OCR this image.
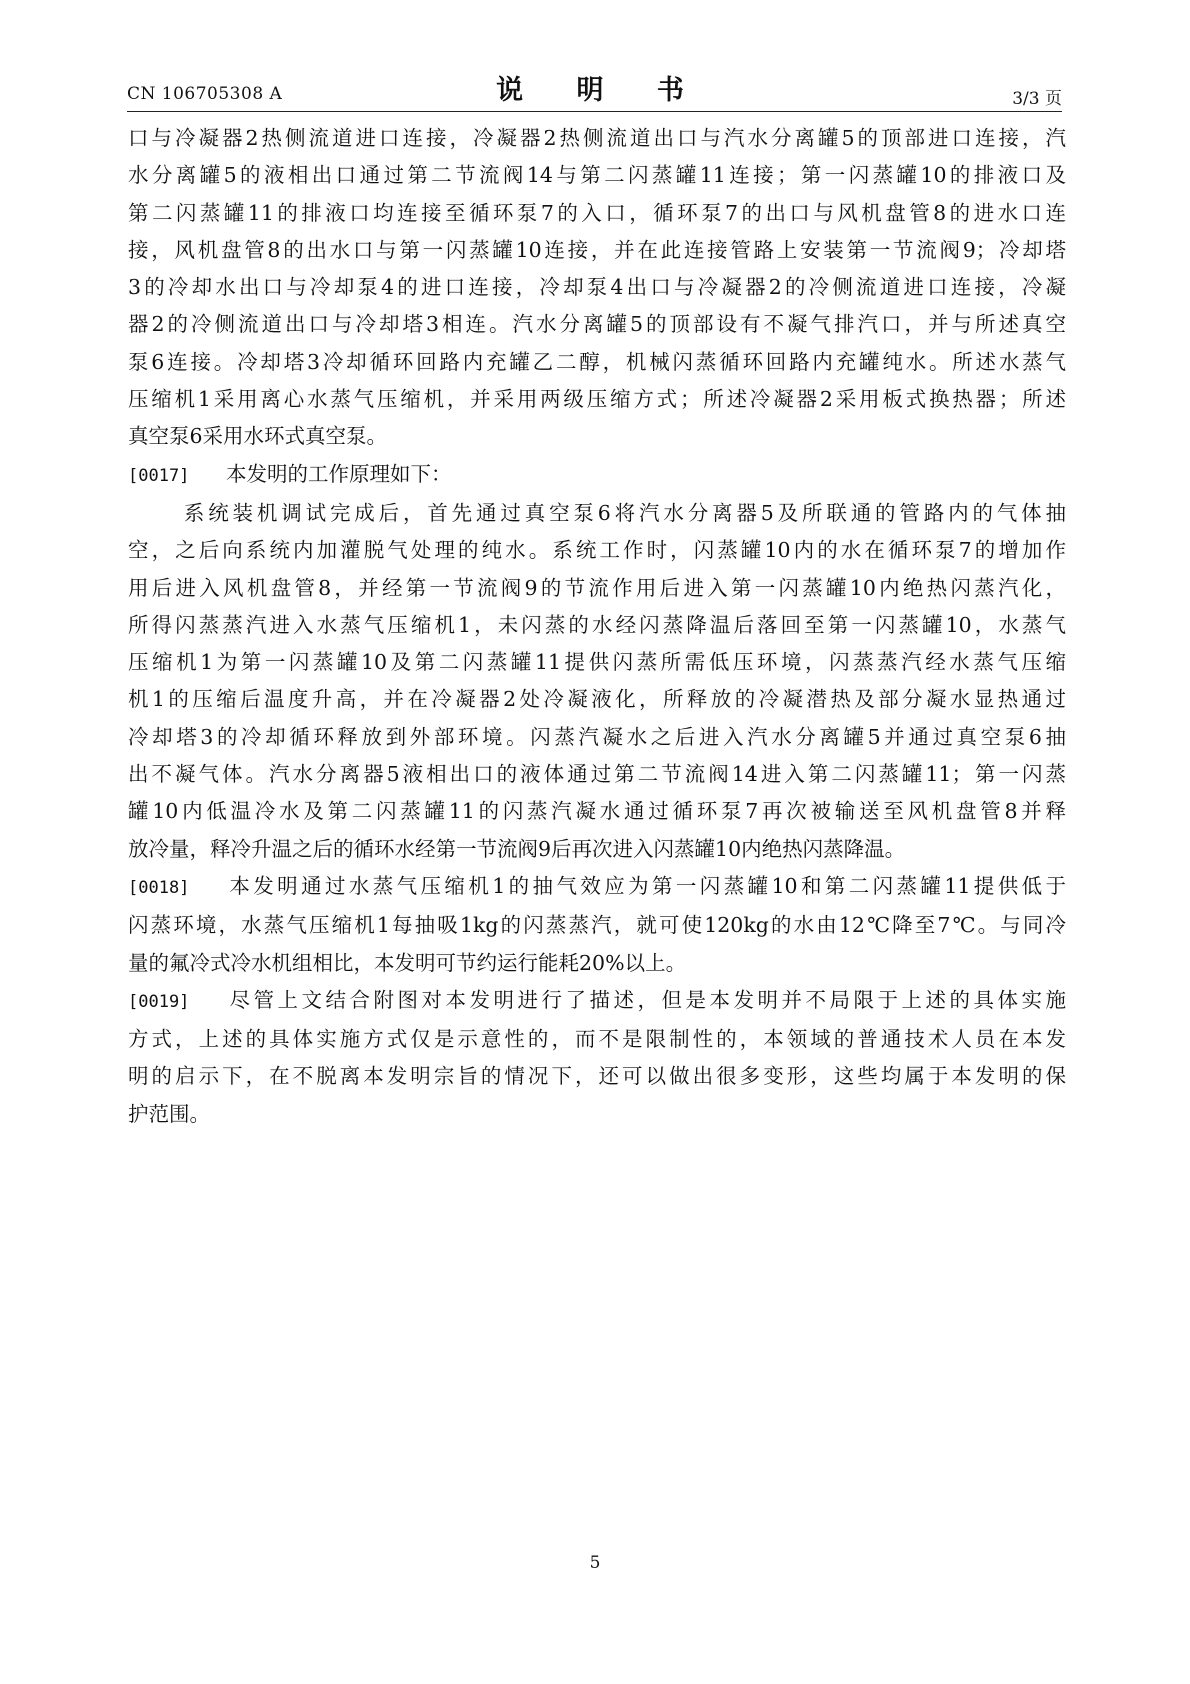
CN 106705308 A	说 明 书	3/3 页
口与冷凝器2热侧流道进口连接，冷凝器2热侧流道出口与汽水分离罐5的顶部进口连接，汽
水分离罐5的液相出口通过第二节流阀14与第二闪蒸罐11连接；第一闪蒸罐10的排液口及
第二闪蒸罐11的排液口均连接至循环泵7的入口，循环泵7的出口与风机盘管8的进水口连
接，风机盘管8的出水口与第一闪蒸罐10连接，并在此连接管路上安装第一节流阀9；冷却塔
3的冷却水出口与冷却泵4的进口连接，冷却泵4出口与冷凝器2的冷侧流道进口连接，冷凝
器2的冷侧流道出口与冷却塔3相连。汽水分离罐5的顶部设有不凝气排汽口，并与所述真空
泵6连接。冷却塔3冷却循环回路内充罐乙二醇，机械闪蒸循环回路内充罐纯水。所述水蒸气
压缩机1采用离心水蒸气压缩机，并采用两级压缩方式；所述冷凝器2采用板式换热器；所述
真空泵6采用水环式真空泵。
[0017] 本发明的工作原理如下：
系统装机调试完成后，首先通过真空泵6将汽水分离器5及所联通的管路内的气体抽
空，之后向系统内加灌脱气处理的纯水。系统工作时，闪蒸罐10内的水在循环泵7的增加作
用后进入风机盘管8，并经第一节流阀9的节流作用后进入第一闪蒸罐10内绝热闪蒸汽化，
所得闪蒸蒸汽进入水蒸气压缩机1，未闪蒸的水经闪蒸降温后落回至第一闪蒸罐10，水蒸气
压缩机1为第一闪蒸罐10及第二闪蒸罐11提供闪蒸所需低压环境，闪蒸蒸汽经水蒸气压缩
机1的压缩后温度升高，并在冷凝器2处冷凝液化，所释放的冷凝潜热及部分凝水显热通过
冷却塔3的冷却循环释放到外部环境。闪蒸汽凝水之后进入汽水分离罐5并通过真空泵6抽
出不凝气体。汽水分离器5液相出口的液体通过第二节流阀14进入第二闪蒸罐11；第一闪蒸
罐10内低温冷水及第二闪蒸罐11的闪蒸汽凝水通过循环泵7再次被输送至风机盘管8并释
放冷量，释冷升温之后的循环水经第一节流阀9后再次进入闪蒸罐10内绝热闪蒸降温。
[0018] 本发明通过水蒸气压缩机1的抽气效应为第一闪蒸罐10和第二闪蒸罐11提供低于
闪蒸环境，水蒸气压缩机1每抽吸1kg的闪蒸蒸汽，就可使120kg的水由12℃降至7℃。与同冷
量的氟冷式冷水机组相比，本发明可节约运行能耗20%以上。
[0019] 尽管上文结合附图对本发明进行了描述，但是本发明并不局限于上述的具体实施
方式，上述的具体实施方式仅是示意性的，而不是限制性的，本领域的普通技术人员在本发
明的启示下，在不脱离本发明宗旨的情况下，还可以做出很多变形，这些均属于本发明的保
护范围。
5
